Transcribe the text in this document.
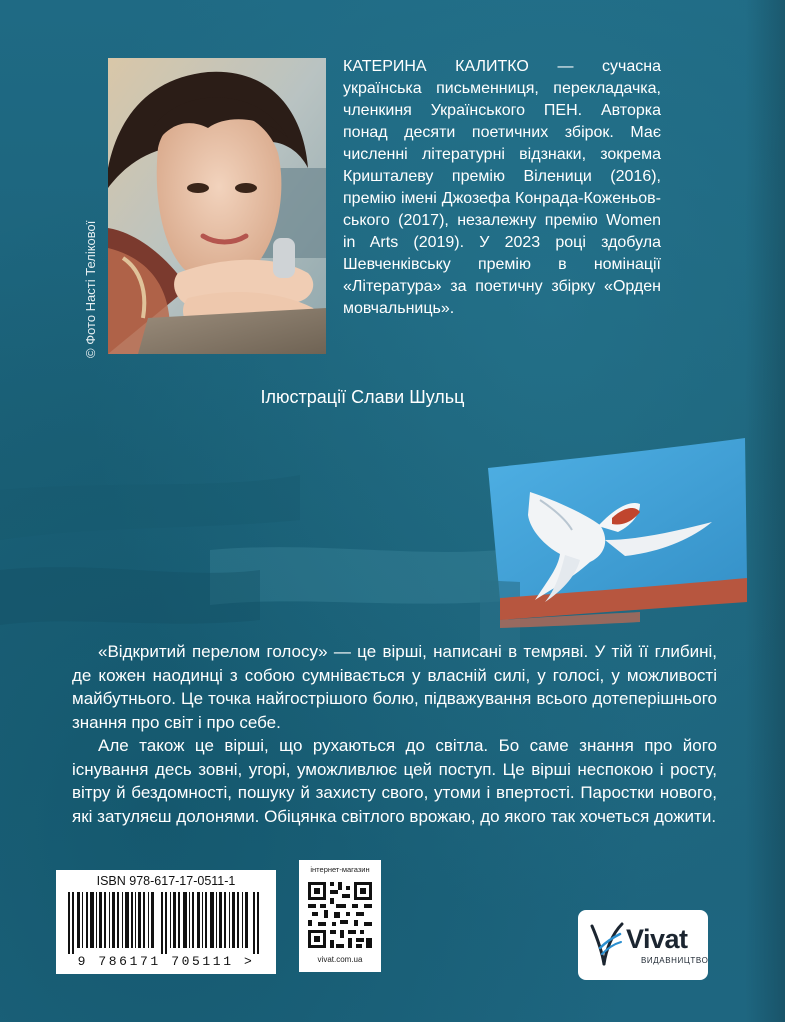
© Фото Насті Телікової
КАТЕРИНА КАЛИТКО — сучасна українська письменниця, перекладачка, членкиня Українського ПЕН. Авторка понад десяти поетичних збірок. Має численні літературні відзнаки, зокрема Кришталеву премію Віленици (2016), премію імені Джозефа Конрада-Коженьовського (2017), незалежну премію Women in Arts (2019). У 2023 році здобула Шевченківську премію в номінації «Література» за поетичну збірку «Орден мовчальниць».
Ілюстрації Слави Шульц

«Відкритий перелом голосу» — це вірші, написані в темряві. У тій її глибині, де кожен наодинці з собою сумнівається у власній силі, у голосі, у можливості майбутнього. Це точка найгострішого болю, підважування всього дотеперішнього знання про світ і про себе.

Але також це вірші, що рухаються до світла. Бо саме знання про його існування десь зовні, угорі, уможливлює цей поступ. Це вірші неспокою і росту, вітру й бездомності, пошуку й захисту свого, утоми і впертості. Паростки нового, які затуляєш долонями. Обіцянка світлого врожаю, до якого так хочеться дожити.

ISBN 978-617-17-0511-1
9 786171 705111 >
інтернет-магазин
vivat.com.ua
Vivat
ВИДАВНИЦТВО
